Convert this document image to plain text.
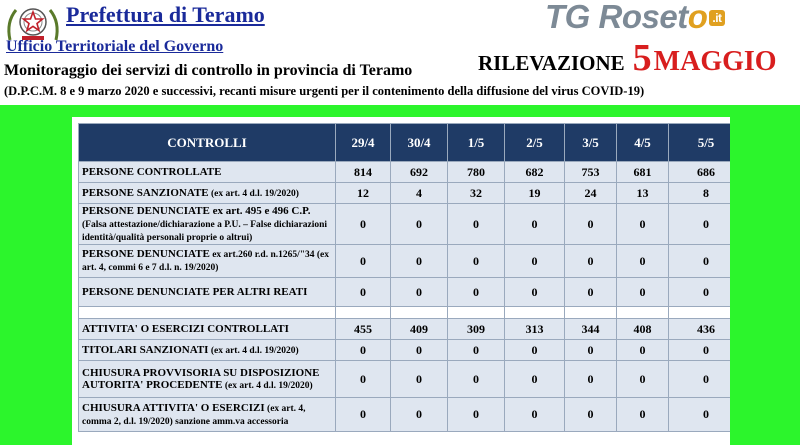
Prefettura di Teramo
Ufficio Territoriale del Governo
TG Roseto .it
RILEVAZIONE 5MAGGIO
Monitoraggio dei servizi di controllo in provincia di Teramo
(D.P.C.M. 8 e 9 marzo 2020 e successivi, recanti misure urgenti per il contenimento della diffusione del virus COVID-19)
CONTROLLI	29/4	30/4	1/5	2/5	3/5	4/5	5/5
PERSONE CONTROLLATE	814	692	780	682	753	681	686
PERSONE SANZIONATE (ex art. 4 d.l. 19/2020)	12	4	32	19	24	13	8
PERSONE DENUNCIATE ex art. 495 e 496 C.P. (Falsa attestazione/dichiarazione a P.U. – False dichiarazioni identità/qualità personali proprie o altrui)	0	0	0	0	0	0	0
PERSONE DENUNCIATE ex art.260 r.d. n.1265/"34 (ex art. 4, commi 6 e 7 d.l. n. 19/2020)	0	0	0	0	0	0	0
PERSONE DENUNCIATE PER ALTRI REATI	0	0	0	0	0	0	0

ATTIVITA' O ESERCIZI CONTROLLATI	455	409	309	313	344	408	436
TITOLARI SANZIONATI (ex art. 4 d.l. 19/2020)	0	0	0	0	0	0	0
CHIUSURA PROVVISORIA SU DISPOSIZIONE AUTORITA' PROCEDENTE (ex art. 4 d.l. 19/2020)	0	0	0	0	0	0	0
CHIUSURA ATTIVITA' O ESERCIZI (ex art. 4, comma 2, d.l. 19/2020) sanzione amm.va accessoria	0	0	0	0	0	0	0
